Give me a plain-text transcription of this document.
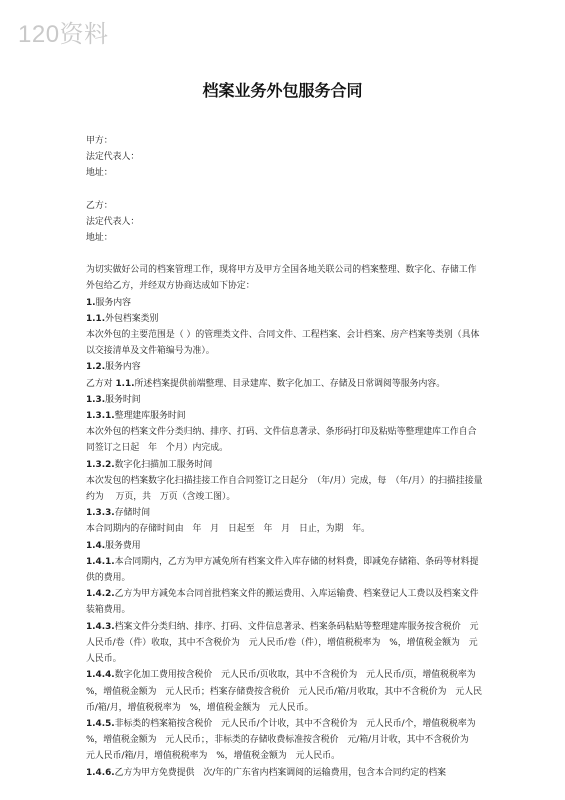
120资料
档案业务外包服务合同

甲方：

法定代表人：

地址：

乙方：

法定代表人：

地址：

为切实做好公司的档案管理工作，现将甲方及甲方全国各地关联公司的档案整理、数字化、存储工作外包给乙方，并经双方协商达成如下协定：

1.服务内容

1.1.外包档案类别

本次外包的主要范围是（ ）的管理类文件、合同文件、工程档案、会计档案、房产档案等类别（具体以交接清单及文件箱编号为准）。

1.2.服务内容

乙方对 1.1.所述档案提供前端整理、目录建库、数字化加工、存储及日常调阅等服务内容。

1.3.服务时间

1.3.1.整理建库服务时间

本次外包的档案文件分类归纳、排序、打码、文件信息著录、条形码打印及粘贴等整理建库工作自合同签订之日起　年　个月）内完成。

1.3.2.数字化扫描加工服务时间

本次发包的档案数字化扫描挂接工作自合同签订之日起分　（年/月）完成，每　（年/月）的扫描挂接量约为　 万页，共　万页（含竣工图）。

1.3.3.存储时间

本合同期内的存储时间由　年　月　日起至　年　月　日止，为期　年。

1.4.服务费用

1.4.1.本合同期内，乙方为甲方减免所有档案文件入库存储的材料费，即减免存储箱、条码等材料提供的费用。

1.4.2.乙方为甲方减免本合同首批档案文件的搬运费用、入库运输费、档案登记人工费以及档案文件装箱费用。

1.4.3.档案文件分类归纳、排序、打码、文件信息著录、档案条码粘贴等整理建库服务按含税价　元人民币/卷（件）收取，其中不含税价为　元人民币/卷（件），增值税税率为　%，增值税金额为　元人民币。

1.4.4.数字化加工费用按含税价　元人民币/页收取，其中不含税价为　元人民币/页，增值税税率为　%，增值税金额为　元人民币；档案存储费按含税价　元人民币/箱/月收取，其中不含税价为　元人民币/箱/月，增值税税率为　%，增值税金额为　元人民币。

1.4.5.非标类的档案箱按含税价　元人民币/个计收，其中不含税价为　元人民币/个，增值税税率为　%，增值税金额为　元人民币；，非标类的存储收费标准按含税价　元/箱/月计收，其中不含税价为　元人民币/箱/月，增值税税率为　%，增值税金额为　元人民币。

1.4.6.乙方为甲方免费提供　次/年的广东省内档案调阅的运输费用，包含本合同约定的档案
